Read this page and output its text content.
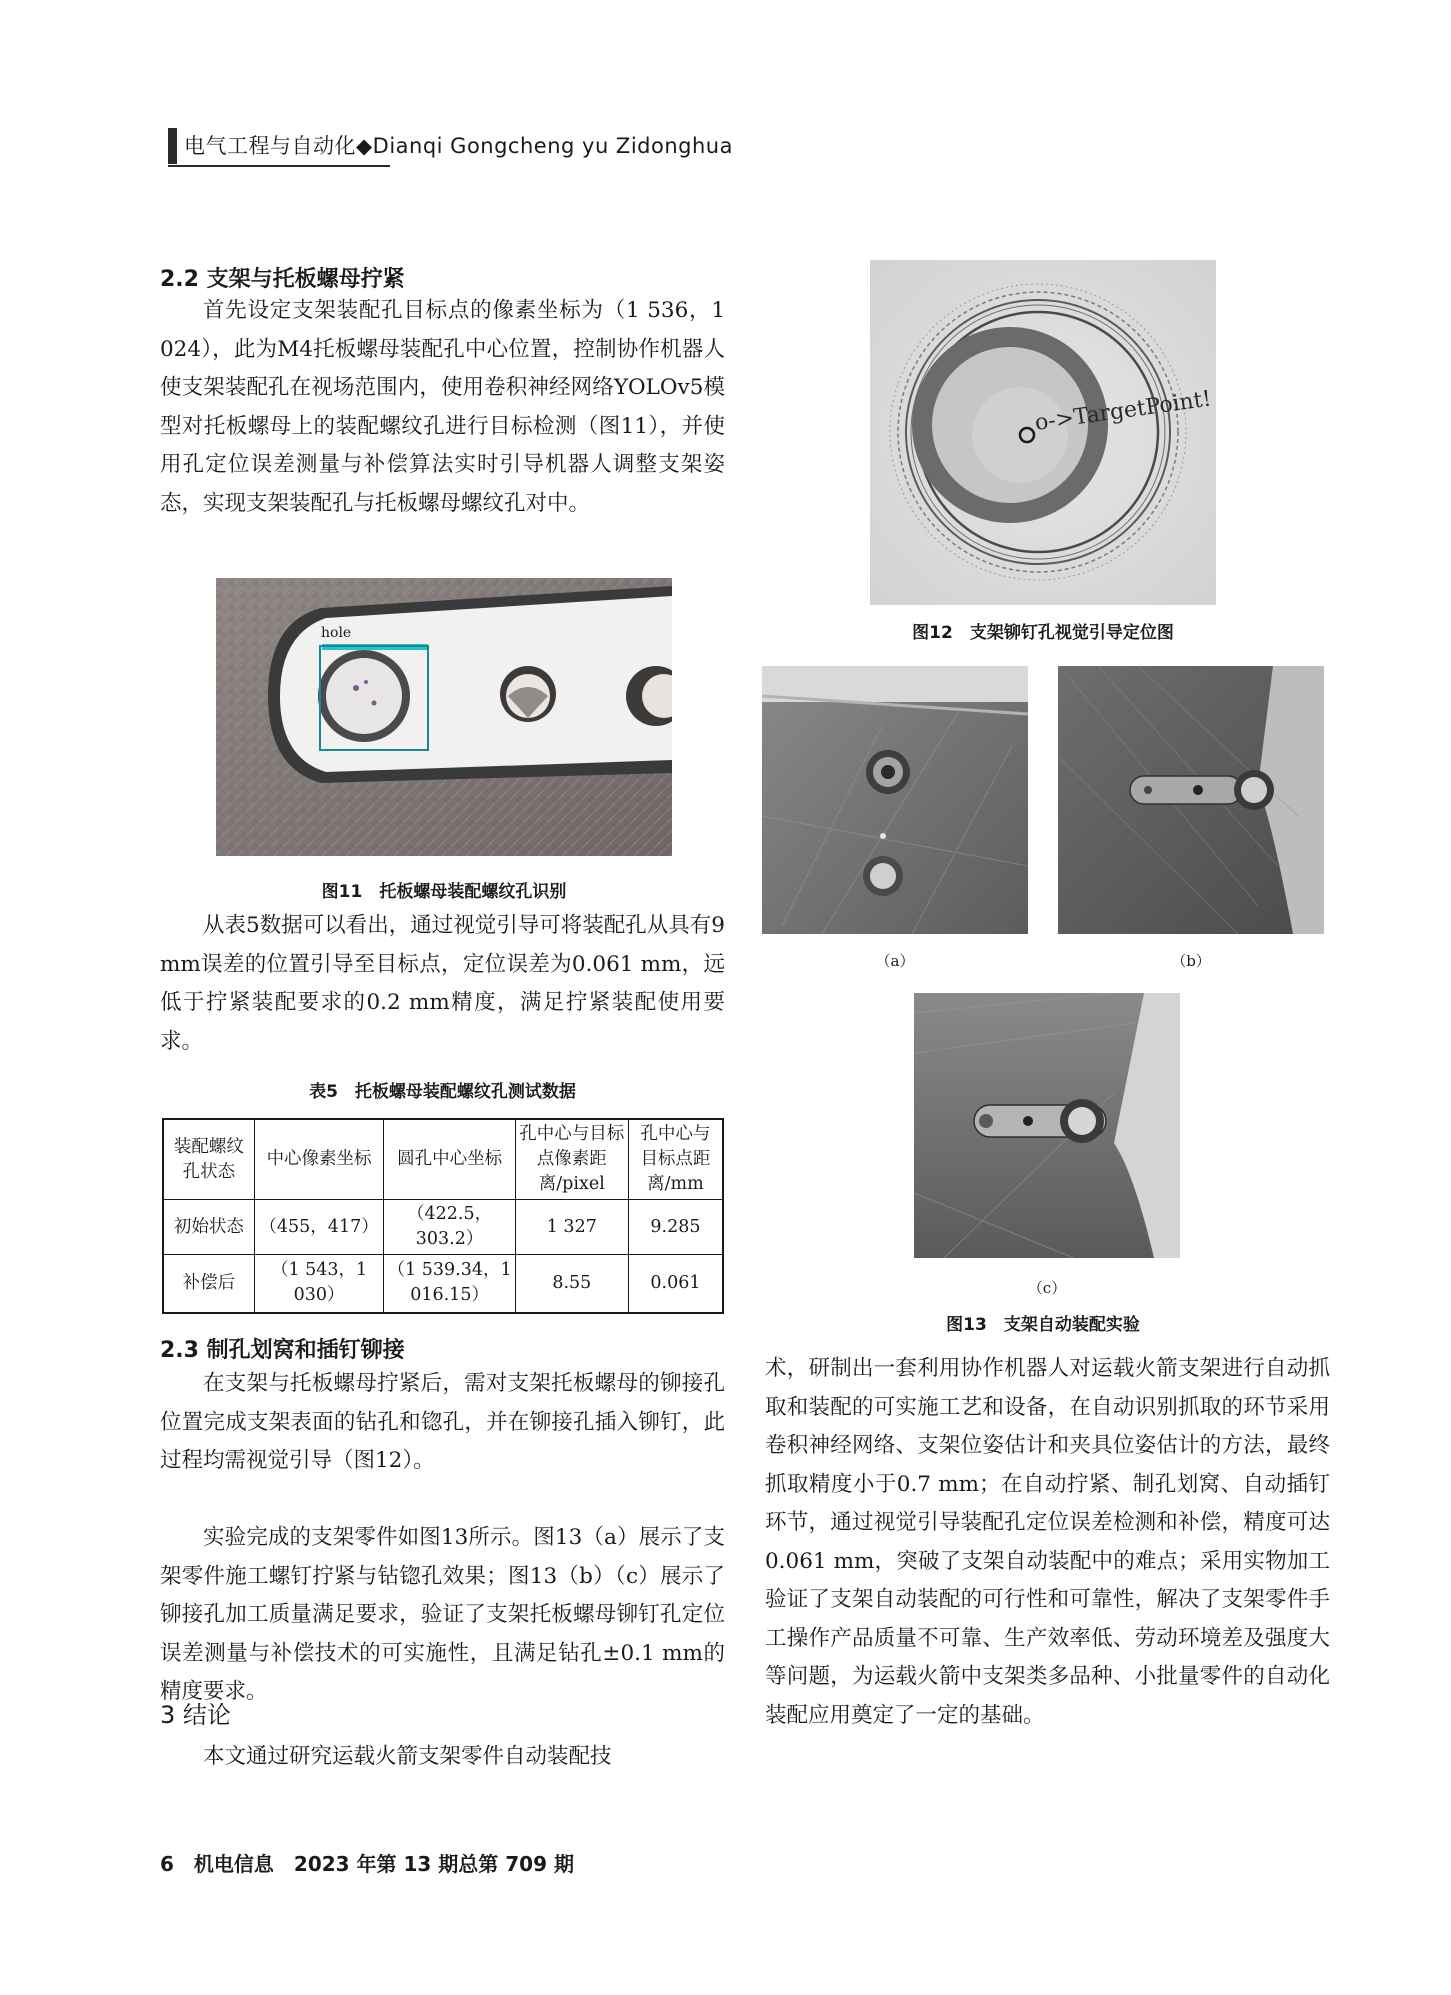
电气工程与自动化◆Dianqi Gongcheng yu Zidonghua
2.2 支架与托板螺母拧紧
首先设定支架装配孔目标点的像素坐标为（1 536，1 024），此为M4托板螺母装配孔中心位置，控制协作机器人使支架装配孔在视场范围内，使用卷积神经网络YOLOv5模型对托板螺母上的装配螺纹孔进行目标检测（图11），并使用孔定位误差测量与补偿算法实时引导机器人调整支架姿态，实现支架装配孔与托板螺母螺纹孔对中。
hole
图11　托板螺母装配螺纹孔识别
从表5数据可以看出，通过视觉引导可将装配孔从具有9 mm误差的位置引导至目标点，定位误差为0.061 mm，远低于拧紧装配要求的0.2 mm精度，满足拧紧装配使用要求。
表5　托板螺母装配螺纹孔测试数据
装配螺纹孔状态	中心像素坐标	圆孔中心坐标	孔中心与目标点像素距离/pixel	孔中心与目标点距离/mm
初始状态	（455，417）	（422.5，303.2）	1 327	9.285
补偿后	（1 543，1 030）	（1 539.34，1 016.15）	8.55	0.061
2.3 制孔划窝和插钉铆接
在支架与托板螺母拧紧后，需对支架托板螺母的铆接孔位置完成支架表面的钻孔和锪孔，并在铆接孔插入铆钉，此过程均需视觉引导（图12）。
实验完成的支架零件如图13所示。图13（a）展示了支架零件施工螺钉拧紧与钻锪孔效果；图13（b）（c）展示了铆接孔加工质量满足要求，验证了支架托板螺母铆钉孔定位误差测量与补偿技术的可实施性，且满足钻孔±0.1 mm的精度要求。
3 结论
本文通过研究运载火箭支架零件自动装配技
o->TargetPoint!
图12　支架铆钉孔视觉引导定位图
（a）	（b）
（c）
图13　支架自动装配实验
术，研制出一套利用协作机器人对运载火箭支架进行自动抓取和装配的可实施工艺和设备，在自动识别抓取的环节采用卷积神经网络、支架位姿估计和夹具位姿估计的方法，最终抓取精度小于0.7 mm；在自动拧紧、制孔划窝、自动插钉环节，通过视觉引导装配孔定位误差检测和补偿，精度可达0.061 mm，突破了支架自动装配中的难点；采用实物加工验证了支架自动装配的可行性和可靠性，解决了支架零件手工操作产品质量不可靠、生产效率低、劳动环境差及强度大等问题，为运载火箭中支架类多品种、小批量零件的自动化装配应用奠定了一定的基础。
6　机电信息　2023 年第 13 期总第 709 期
